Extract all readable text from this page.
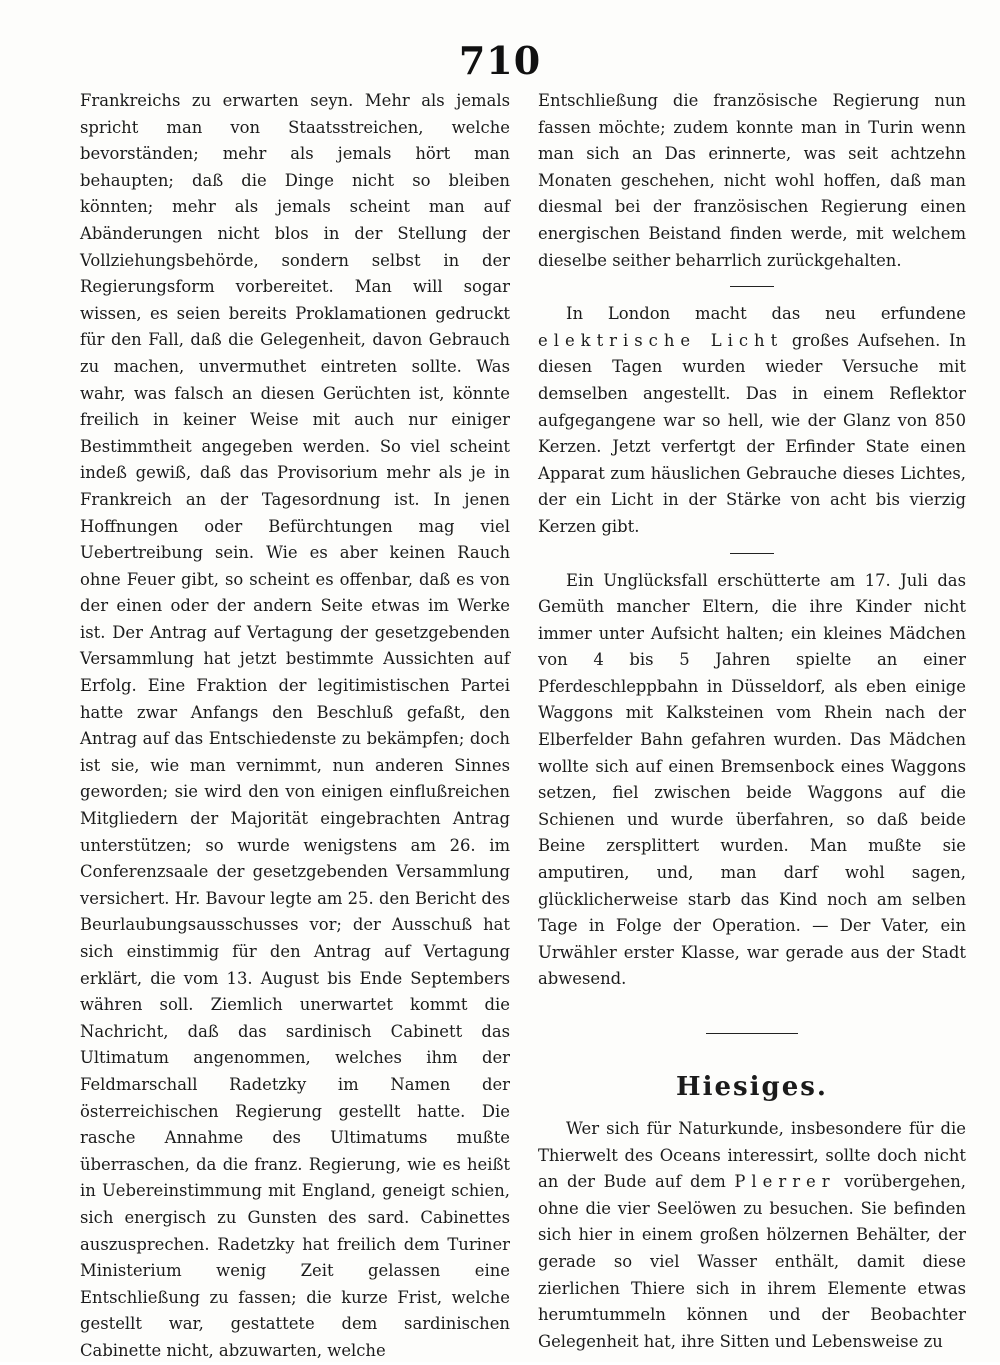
710

Frankreichs zu erwarten seyn. Mehr als jemals spricht man von Staatsstreichen, welche bevorständen; mehr als jemals hört man behaupten; daß die Dinge nicht so bleiben könnten; mehr als jemals scheint man auf Abänderungen nicht blos in der Stellung der Vollziehungsbehörde, sondern selbst in der Regierungsform vorbereitet. Man will sogar wissen, es seien bereits Proklamationen gedruckt für den Fall, daß die Gelegenheit, davon Gebrauch zu machen, unvermuthet eintreten sollte. Was wahr, was falsch an diesen Gerüchten ist, könnte freilich in keiner Weise mit auch nur einiger Bestimmtheit angegeben werden. So viel scheint indeß gewiß, daß das Provisorium mehr als je in Frankreich an der Tagesordnung ist. In jenen Hoffnungen oder Befürchtungen mag viel Uebertreibung sein. Wie es aber keinen Rauch ohne Feuer gibt, so scheint es offenbar, daß es von der einen oder der andern Seite etwas im Werke ist. Der Antrag auf Vertagung der gesetzgebenden Versammlung hat jetzt bestimmte Aussichten auf Erfolg. Eine Fraktion der legitimistischen Partei hatte zwar Anfangs den Beschluß gefaßt, den Antrag auf das Entschiedenste zu bekämpfen; doch ist sie, wie man vernimmt, nun anderen Sinnes geworden; sie wird den von einigen einflußreichen Mitgliedern der Majorität eingebrachten Antrag unterstützen; so wurde wenigstens am 26. im Conferenzsaale der gesetzgebenden Versammlung versichert. Hr. Bavour legte am 25. den Bericht des Beurlaubungsausschusses vor; der Ausschuß hat sich einstimmig für den Antrag auf Vertagung erklärt, die vom 13. August bis Ende Septembers währen soll. Ziemlich unerwartet kommt die Nachricht, daß das sardinisch Cabinett das Ultimatum angenommen, welches ihm der Feldmarschall Radetzky im Namen der österreichischen Regierung gestellt hatte. Die rasche Annahme des Ultimatums mußte überraschen, da die franz. Regierung, wie es heißt in Uebereinstimmung mit England, geneigt schien, sich energisch zu Gunsten des sard. Cabinettes auszusprechen. Radetzky hat freilich dem Turiner Ministerium wenig Zeit gelassen eine Entschließung zu fassen; die kurze Frist, welche gestellt war, gestattete dem sardinischen Cabinette nicht, abzuwarten, welche

Entschließung die französische Regierung nun fassen möchte; zudem konnte man in Turin wenn man sich an Das erinnerte, was seit achtzehn Monaten geschehen, nicht wohl hoffen, daß man diesmal bei der französischen Regierung einen energischen Beistand finden werde, mit welchem dieselbe seither beharrlich zurückgehalten.

In London macht das neu erfundene elektrische Licht großes Aufsehen. In diesen Tagen wurden wieder Versuche mit demselben angestellt. Das in einem Reflektor aufgegangene war so hell, wie der Glanz von 850 Kerzen. Jetzt verfertgt der Erfinder State einen Apparat zum häuslichen Gebrauche dieses Lichtes, der ein Licht in der Stärke von acht bis vierzig Kerzen gibt.

Ein Unglücksfall erschütterte am 17. Juli das Gemüth mancher Eltern, die ihre Kinder nicht immer unter Aufsicht halten; ein kleines Mädchen von 4 bis 5 Jahren spielte an einer Pferdeschleppbahn in Düsseldorf, als eben einige Waggons mit Kalksteinen vom Rhein nach der Elberfelder Bahn gefahren wurden. Das Mädchen wollte sich auf einen Bremsenbock eines Waggons setzen, fiel zwischen beide Waggons auf die Schienen und wurde überfahren, so daß beide Beine zersplittert wurden. Man mußte sie amputiren, und, man darf wohl sagen, glücklicherweise starb das Kind noch am selben Tage in Folge der Operation. — Der Vater, ein Urwähler erster Klasse, war gerade aus der Stadt abwesend.

Hiesiges.

Wer sich für Naturkunde, insbesondere für die Thierwelt des Oceans interessirt, sollte doch nicht an der Bude auf dem Plerrer vorübergehen, ohne die vier Seelöwen zu besuchen. Sie befinden sich hier in einem großen hölzernen Behälter, der gerade so viel Wasser enthält, damit diese zierlichen Thiere sich in ihrem Elemente etwas herumtummeln können und der Beobachter Gelegenheit hat, ihre Sitten und Lebensweise zu
